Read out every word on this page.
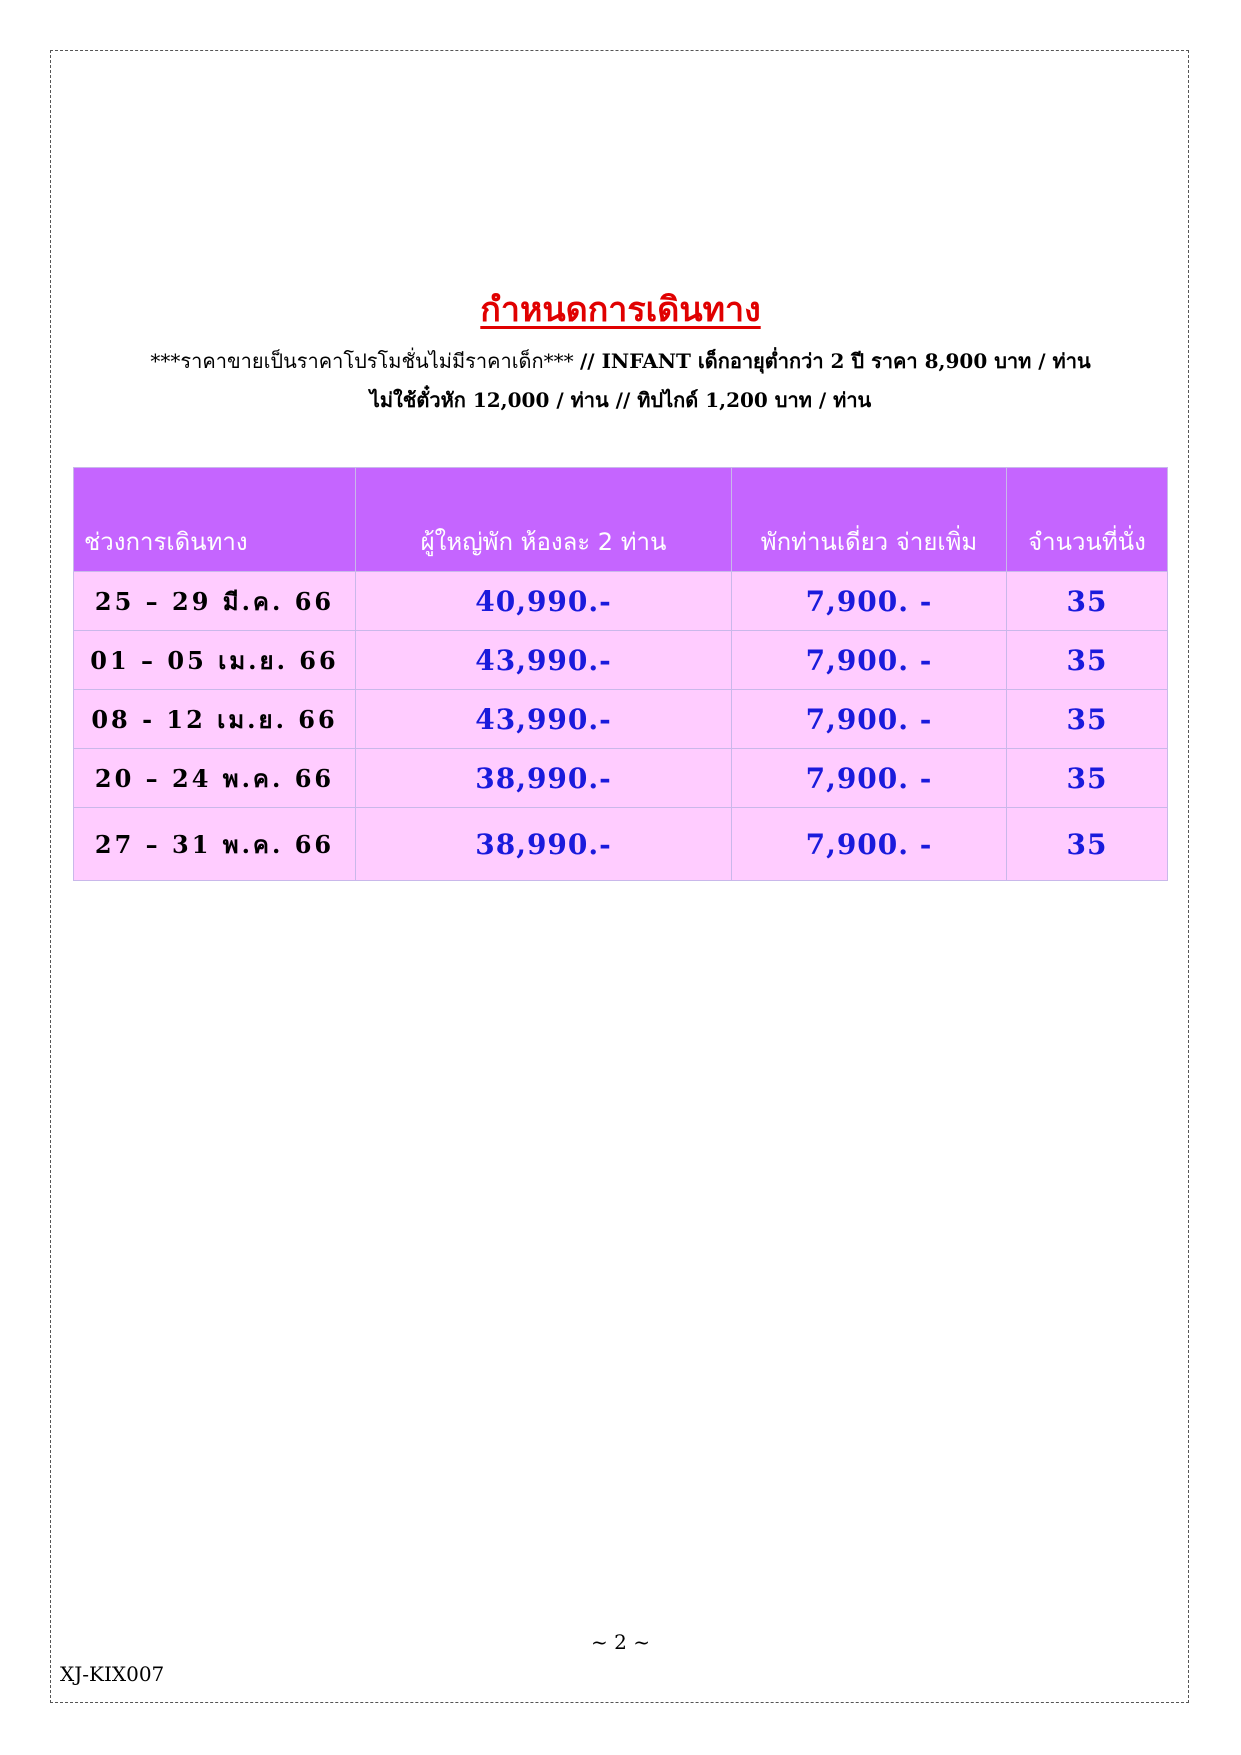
กำหนดการเดินทาง
***ราคาขายเป็นราคาโปรโมชั่นไม่มีราคาเด็ก*** // INFANT เด็กอายุต่ำกว่า 2 ปี ราคา 8,900 บาท / ท่าน
ไม่ใช้ตั๋วหัก 12,000 / ท่าน // ทิปไกด์ 1,200 บาท / ท่าน
ช่วงการเดินทาง	ผู้ใหญ่พัก ห้องละ 2 ท่าน	พักท่านเดี่ยว จ่ายเพิ่ม	จำนวนที่นั่ง
25 – 29 มี.ค. 66	40,990.-	7,900. -	35
01 – 05 เม.ย. 66	43,990.-	7,900. -	35
08 - 12 เม.ย. 66	43,990.-	7,900. -	35
20 – 24 พ.ค. 66	38,990.-	7,900. -	35
27 – 31 พ.ค. 66	38,990.-	7,900. -	35
~ 2 ~
XJ-KIX007
